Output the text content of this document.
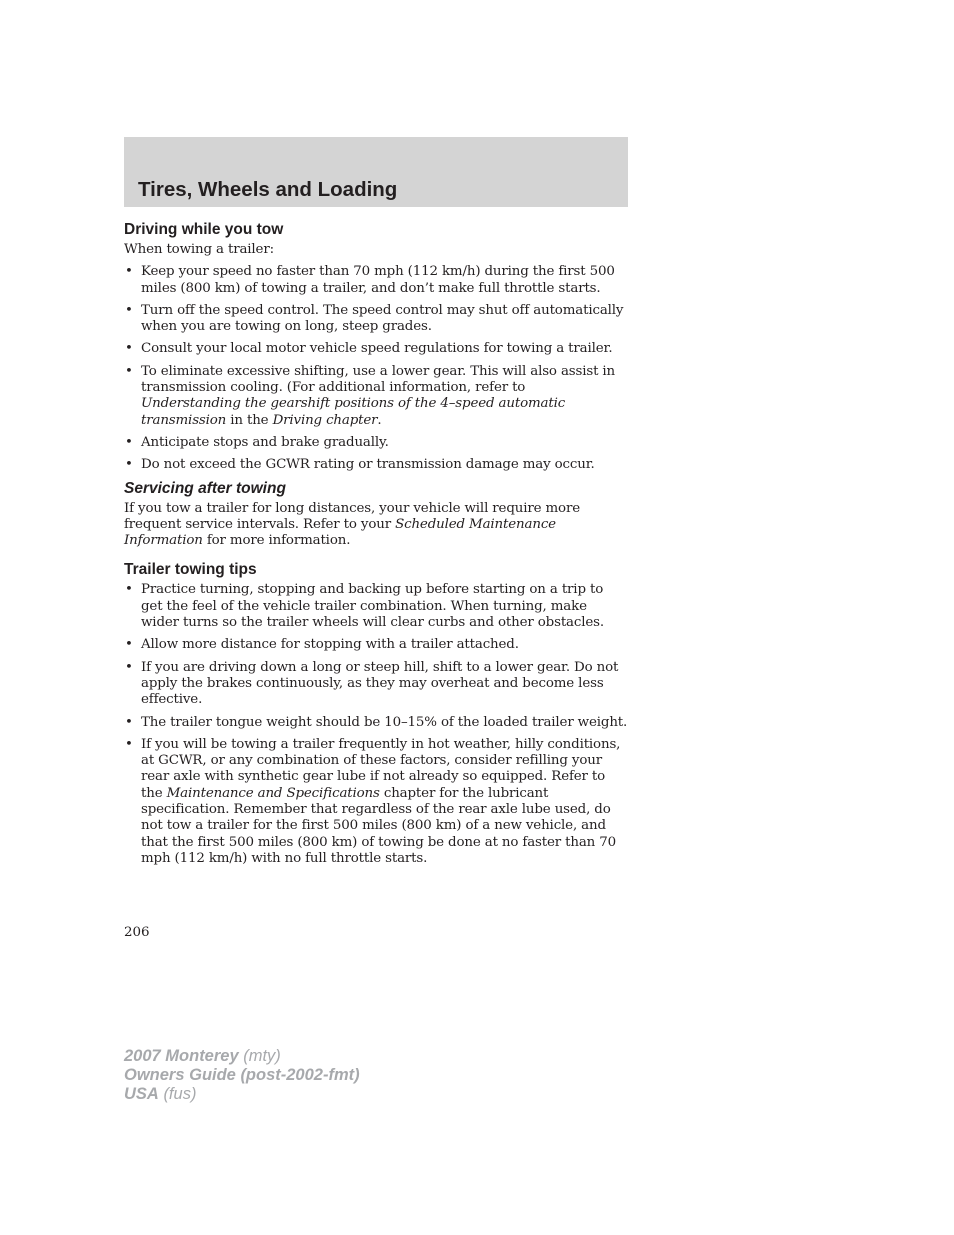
Tires, Wheels and Loading
Driving while you tow

When towing a trailer:

• Keep your speed no faster than 70 mph (112 km/h) during the first 500 miles (800 km) of towing a trailer, and don’t make full throttle starts.
• Turn off the speed control. The speed control may shut off automatically when you are towing on long, steep grades.
• Consult your local motor vehicle speed regulations for towing a trailer.
• To eliminate excessive shifting, use a lower gear. This will also assist in transmission cooling. (For additional information, refer to Understanding the gearshift positions of the 4–speed automatic transmission in the Driving chapter.
• Anticipate stops and brake gradually.
• Do not exceed the GCWR rating or transmission damage may occur.
Servicing after towing

If you tow a trailer for long distances, your vehicle will require more frequent service intervals. Refer to your Scheduled Maintenance Information for more information.

Trailer towing tips
• Practice turning, stopping and backing up before starting on a trip to get the feel of the vehicle trailer combination. When turning, make wider turns so the trailer wheels will clear curbs and other obstacles.
• Allow more distance for stopping with a trailer attached.
• If you are driving down a long or steep hill, shift to a lower gear. Do not apply the brakes continuously, as they may overheat and become less effective.
• The trailer tongue weight should be 10–15% of the loaded trailer weight.
• If you will be towing a trailer frequently in hot weather, hilly conditions, at GCWR, or any combination of these factors, consider refilling your rear axle with synthetic gear lube if not already so equipped. Refer to the Maintenance and Specifications chapter for the lubricant specification. Remember that regardless of the rear axle lube used, do not tow a trailer for the first 500 miles (800 km) of a new vehicle, and that the first 500 miles (800 km) of towing be done at no faster than 70 mph (112 km/h) with no full throttle starts.
206
2007 Monterey (mty)
Owners Guide (post-2002-fmt)
USA (fus)
